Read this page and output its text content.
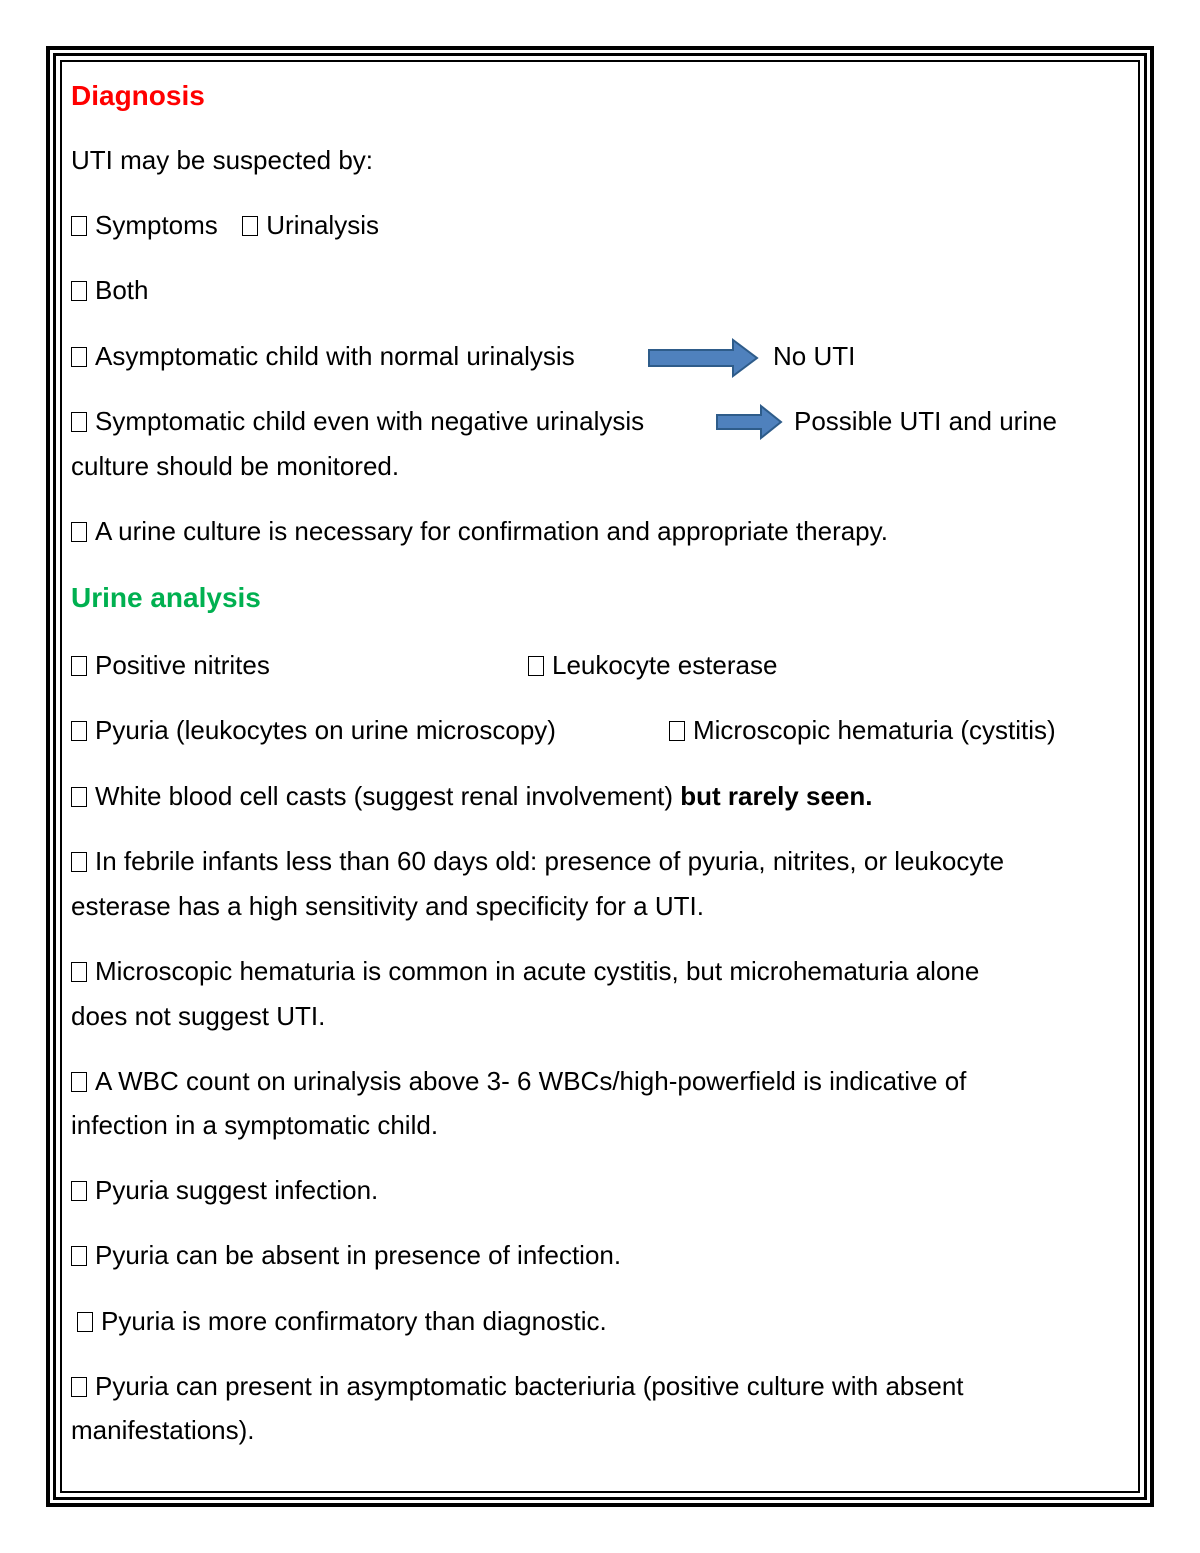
Diagnosis
UTI may be suspected by:
Symptoms Urinalysis
Both
Asymptomatic child with normal urinalysis	No UTI
Symptomatic child even with negative urinalysis	Possible UTI and urine
culture should be monitored.
A urine culture is necessary for confirmation and appropriate therapy.
Urine analysis
Positive nitrites	Leukocyte esterase
Pyuria (leukocytes on urine microscopy)	Microscopic hematuria (cystitis)
White blood cell casts (suggest renal involvement) but rarely seen.
In febrile infants less than 60 days old: presence of pyuria, nitrites, or leukocyte
esterase has a high sensitivity and specificity for a UTI.
Microscopic hematuria is common in acute cystitis, but microhematuria alone
does not suggest UTI.
A WBC count on urinalysis above 3- 6 WBCs/high-powerfield is indicative of
infection in a symptomatic child.
Pyuria suggest infection.
Pyuria can be absent in presence of infection.
Pyuria is more confirmatory than diagnostic.
Pyuria can present in asymptomatic bacteriuria (positive culture with absent
manifestations).
